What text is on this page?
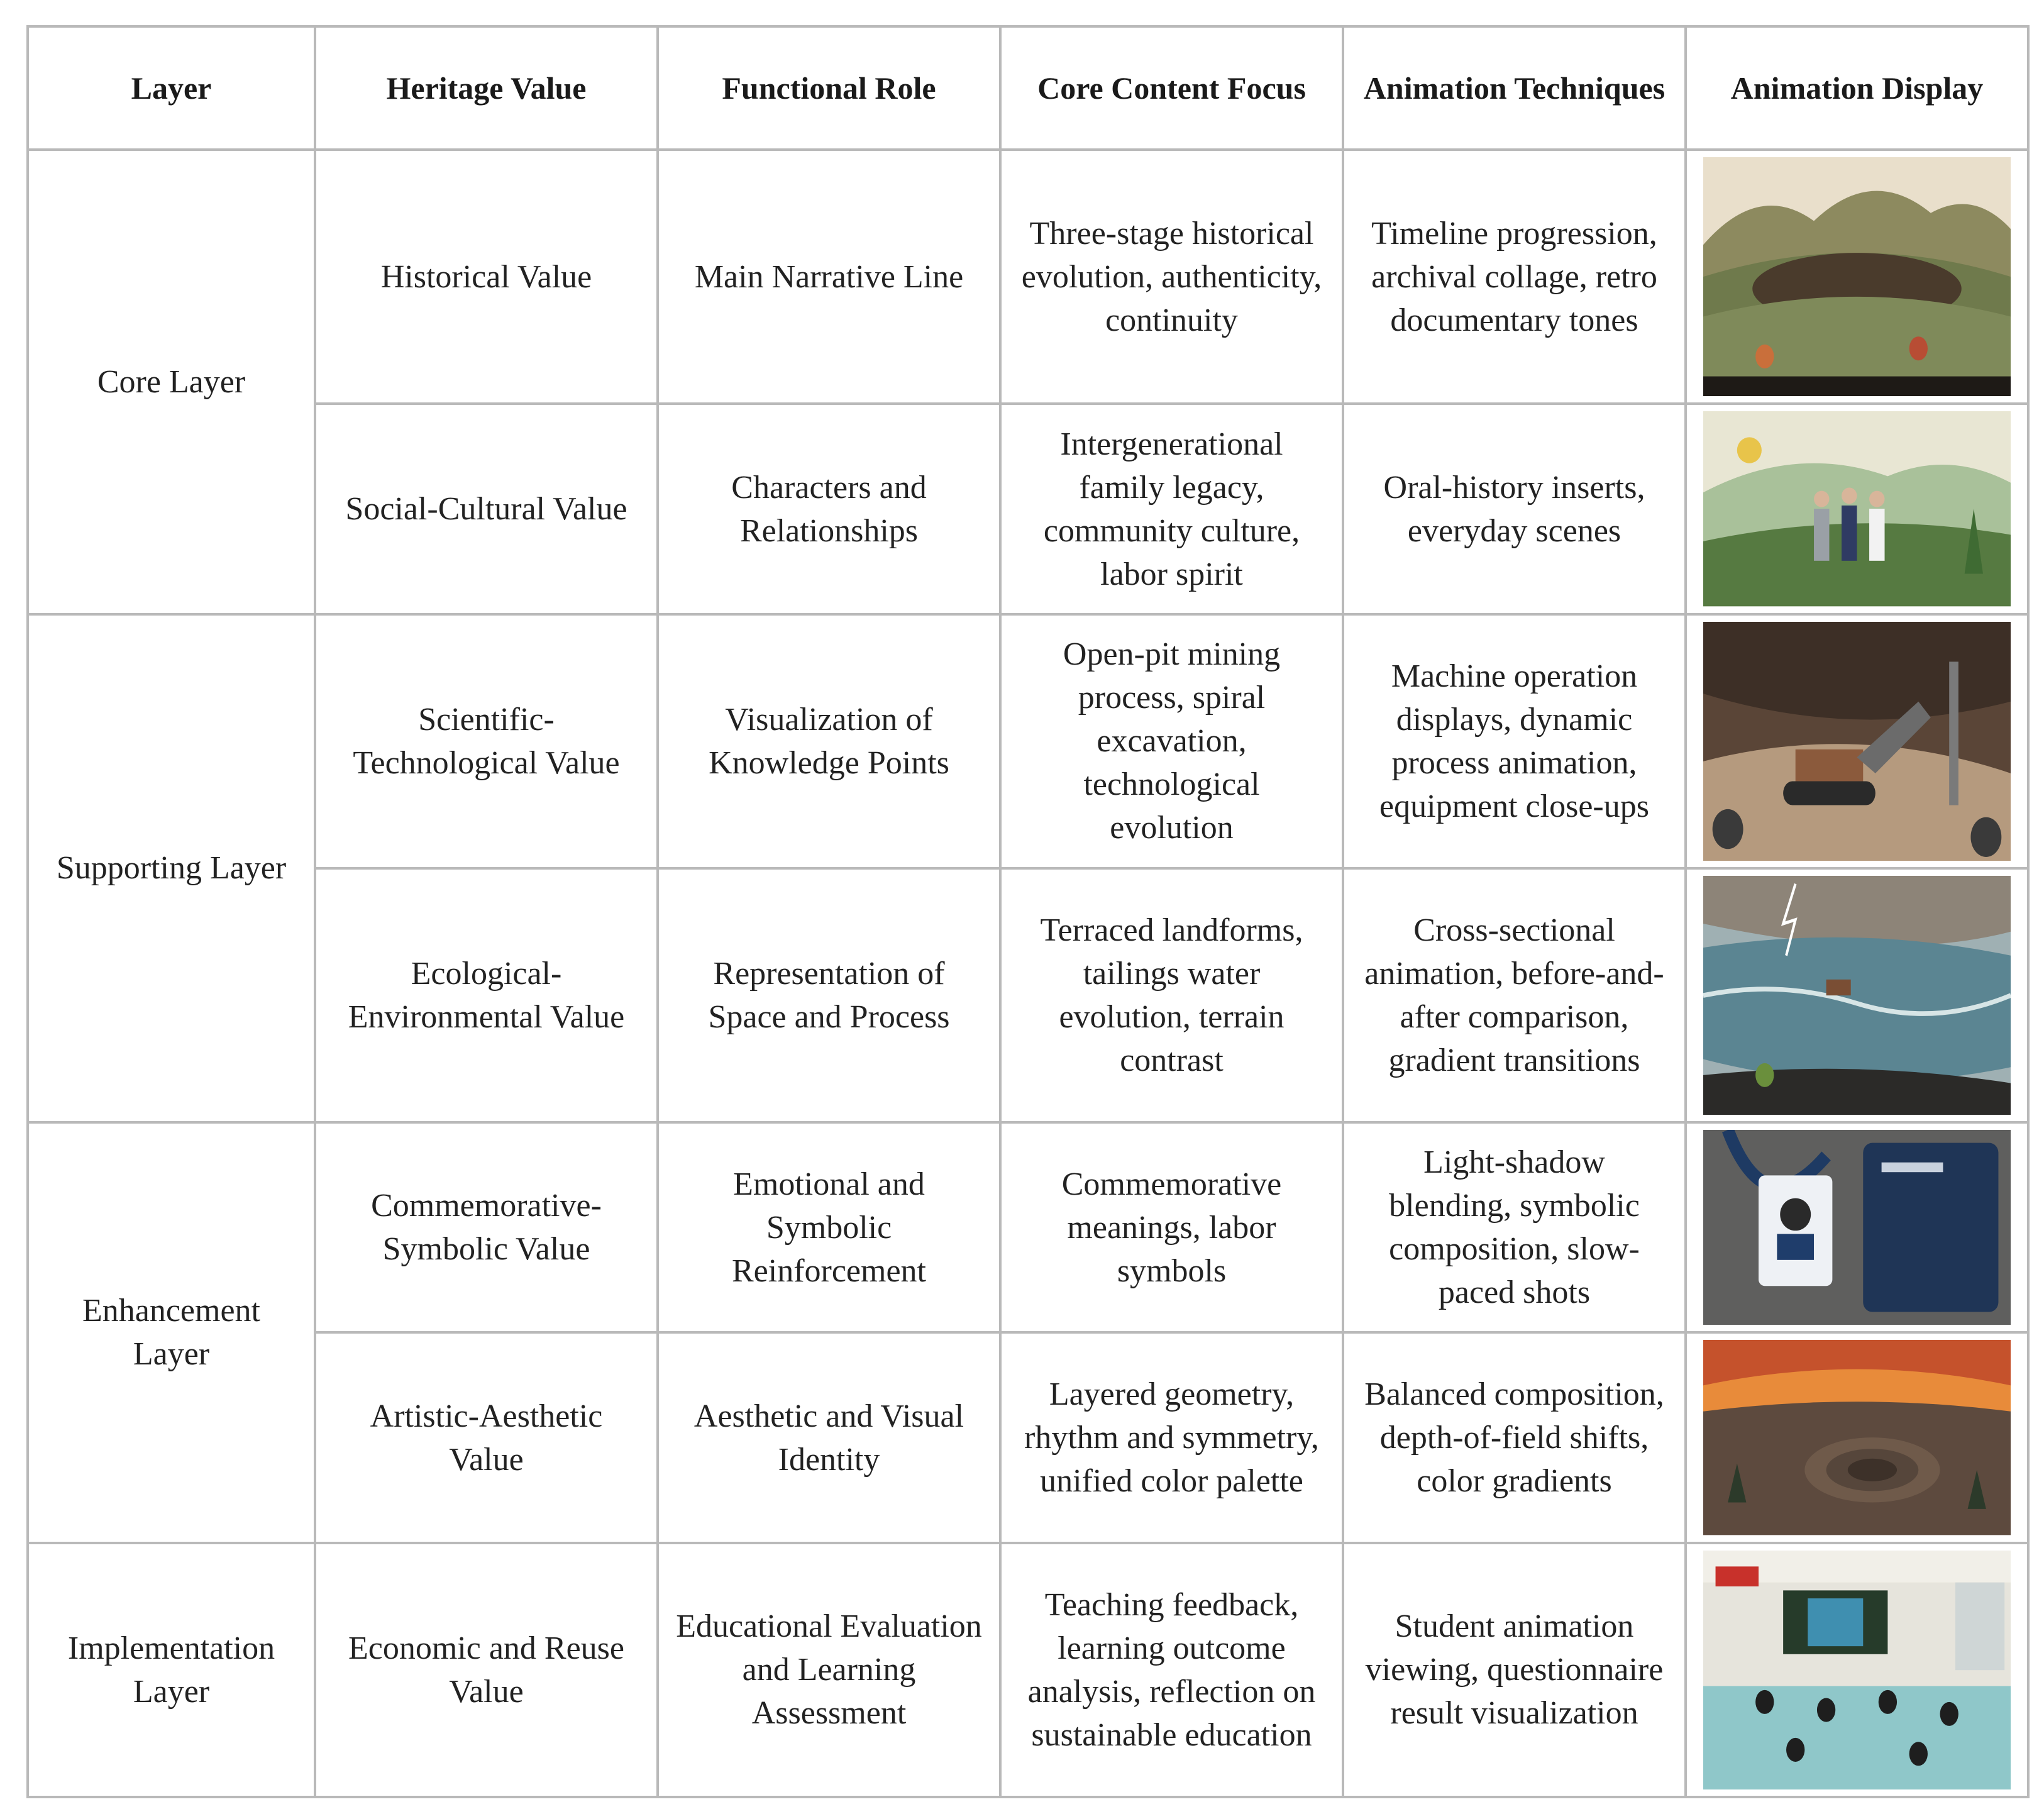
Layer	Heritage Value	Functional Role	Core Content Focus	Animation Techniques	Animation Display
Core Layer	Historical Value	Main Narrative Line	Three-stage historical evolution, authenticity, continuity	Timeline progression, archival collage, retro documentary tones	

	Social-Cultural Value	Characters and Relationships	Intergenerational family legacy, community culture, labor spirit	Oral-history inserts, everyday scenes	

Supporting Layer	Scientific-Technological Value	Visualization of Knowledge Points	Open-pit mining process, spiral excavation, technological evolution	Machine operation displays, dynamic process animation, equipment close-ups	

	Ecological-Environmental Value	Representation of Space and Process	Terraced landforms, tailings water evolution, terrain contrast	Cross-sectional animation, before-and-after comparison, gradient transitions	

Enhancement Layer	Commemorative-Symbolic Value	Emotional and Symbolic Reinforcement	Commemorative meanings, labor symbols	Light-shadow blending, symbolic composition, slow-paced shots	

	Artistic-Aesthetic Value	Aesthetic and Visual Identity	Layered geometry, rhythm and symmetry, unified color palette	Balanced composition, depth-of-field shifts, color gradients	

Implementation Layer	Economic and Reuse Value	Educational Evaluation and Learning Assessment	Teaching feedback, learning outcome analysis, reflection on sustainable education	Student animation viewing, questionnaire result visualization	
